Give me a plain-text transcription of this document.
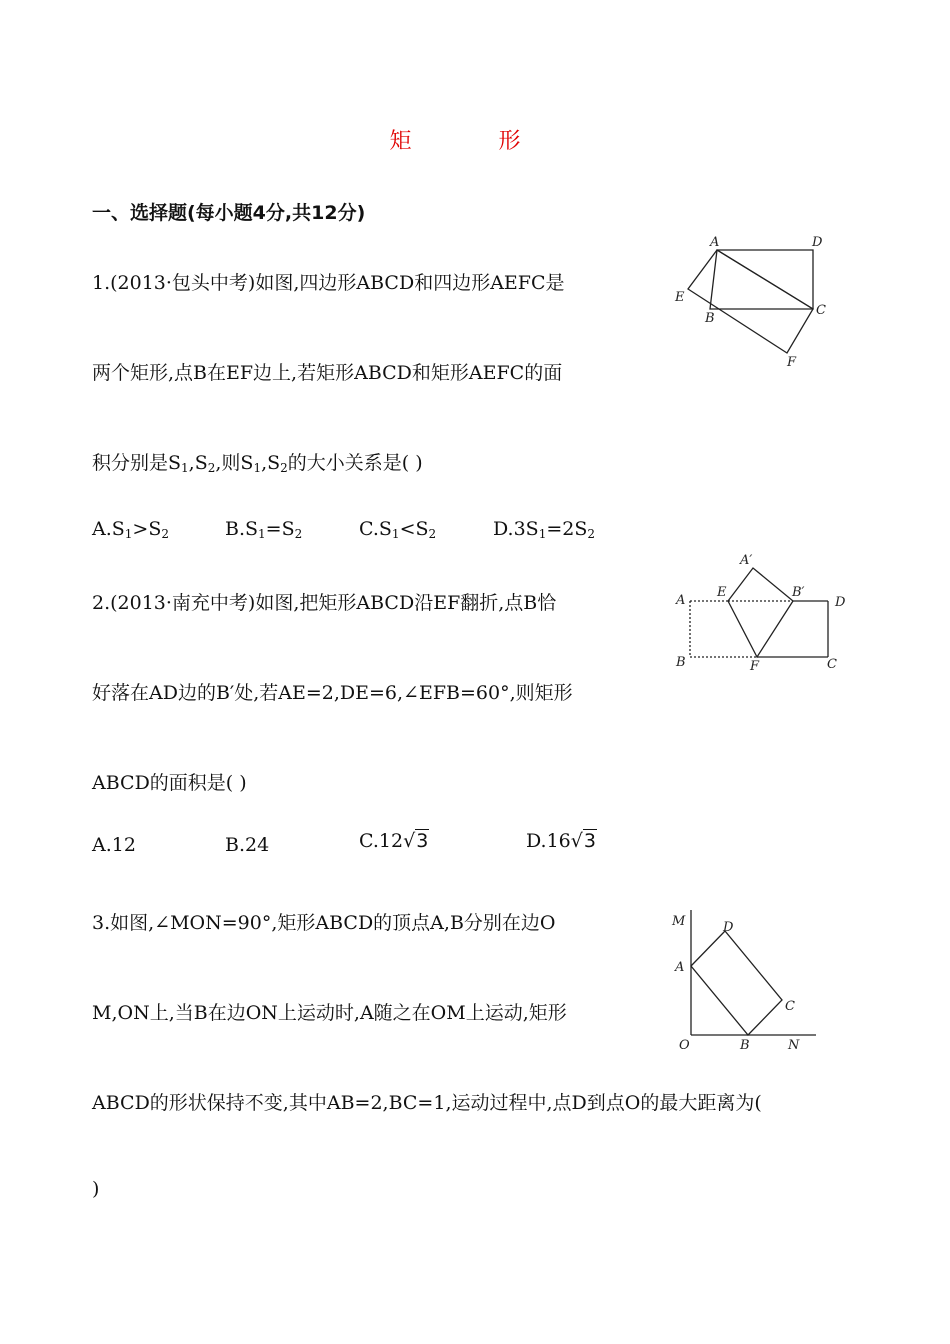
矩 形
一、选择题(每小题4分,共12分)
1.(2013·包头中考)如图,四边形ABCD和四边形AEFC是
两个矩形,点B在EF边上,若矩形ABCD和矩形AEFC的面
积分别是$S_1,S_2$,则$S_1,S_2$的大小关系是( )
$A.S_1>S_2$	$B.S_1=S_2$	$C.S_1<S_2$	$D.3S_1=2S_2$
A	D
E
B
C
F
2.(2013·南充中考)如图,把矩形ABCD沿EF翻折,点B恰
好落在AD边的B′处,若AE=2,DE=6,∠EFB=60°,则矩形
ABCD的面积是( )
A.12	B.24	C.12√3	D.16√3
A′
A
E	B′
D
B	F	C
3.如图,∠MON=90°,矩形ABCD的顶点A,B分别在边O
M,ON上,当B在边ON上运动时,A随之在OM上运动,矩形
ABCD的形状保持不变,其中AB=2,BC=1,运动过程中,点D到点O的最大距离为(
)
M	D
A
C
O	B	N
